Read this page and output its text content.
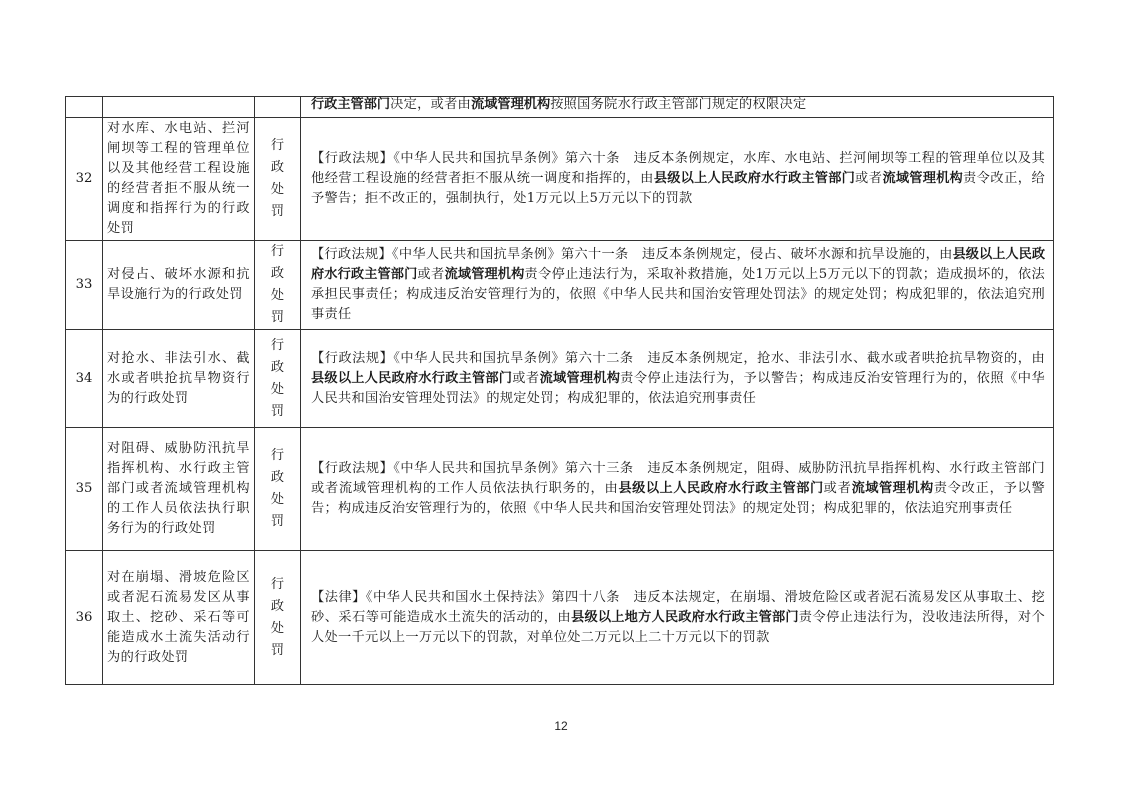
			行政主管部门决定，或者由流域管理机构按照国务院水行政主管部门规定的权限决定

32	对水库、水电站、拦河闸坝等工程的管理单位以及其他经营工程设施的经营者拒不服从统一调度和指挥行为的行政处罚	行政处罚	【行政法规】《中华人民共和国抗旱条例》第六十条　违反本条例规定，水库、水电站、拦河闸坝等工程的管理单位以及其他经营工程设施的经营者拒不服从统一调度和指挥的，由县级以上人民政府水行政主管部门或者流域管理机构责令改正，给予警告；拒不改正的，强制执行，处1万元以上5万元以下的罚款

33	对侵占、破坏水源和抗旱设施行为的行政处罚	行政处罚	【行政法规】《中华人民共和国抗旱条例》第六十一条　违反本条例规定，侵占、破坏水源和抗旱设施的，由县级以上人民政府水行政主管部门或者流域管理机构责令停止违法行为，采取补救措施，处1万元以上5万元以下的罚款；造成损坏的，依法承担民事责任；构成违反治安管理行为的，依照《中华人民共和国治安管理处罚法》的规定处罚；构成犯罪的，依法追究刑事责任

34	对抢水、非法引水、截水或者哄抢抗旱物资行为的行政处罚	行政处罚	【行政法规】《中华人民共和国抗旱条例》第六十二条　违反本条例规定，抢水、非法引水、截水或者哄抢抗旱物资的，由县级以上人民政府水行政主管部门或者流域管理机构责令停止违法行为，予以警告；构成违反治安管理行为的，依照《中华人民共和国治安管理处罚法》的规定处罚；构成犯罪的，依法追究刑事责任

35	对阻碍、威胁防汛抗旱指挥机构、水行政主管部门或者流域管理机构的工作人员依法执行职务行为的行政处罚	行政处罚	【行政法规】《中华人民共和国抗旱条例》第六十三条　违反本条例规定，阻碍、威胁防汛抗旱指挥机构、水行政主管部门或者流域管理机构的工作人员依法执行职务的，由县级以上人民政府水行政主管部门或者流域管理机构责令改正，予以警告；构成违反治安管理行为的，依照《中华人民共和国治安管理处罚法》的规定处罚；构成犯罪的，依法追究刑事责任

36	对在崩塌、滑坡危险区或者泥石流易发区从事取土、挖砂、采石等可能造成水土流失活动行为的行政处罚	行政处罚	【法律】《中华人民共和国水土保持法》第四十八条　违反本法规定，在崩塌、滑坡危险区或者泥石流易发区从事取土、挖砂、采石等可能造成水土流失的活动的，由县级以上地方人民政府水行政主管部门责令停止违法行为，没收违法所得，对个人处一千元以上一万元以下的罚款，对单位处二万元以上二十万元以下的罚款

12
